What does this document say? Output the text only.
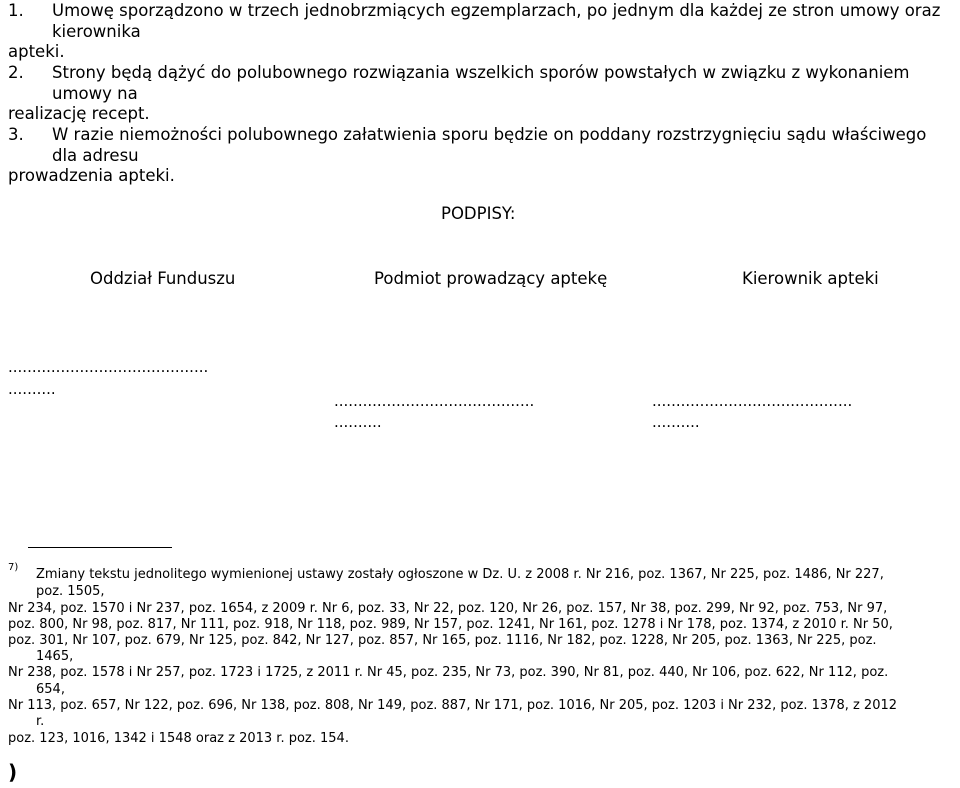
1. Umowę sporządzono w trzech jednobrzmiących egzemplarzach, po jednym dla każdej ze stron umowy oraz
kierownika
apteki.
2. Strony będą dążyć do polubownego rozwiązania wszelkich sporów powstałych w związku z wykonaniem
umowy na
realizację recept.
3. W razie niemożności polubownego załatwienia sporu będzie on poddany rozstrzygnięciu sądu właściwego
dla adresu
prowadzenia apteki.
PODPISY:
Oddział Funduszu	Podmiot prowadzący aptekę	Kierownik apteki
..........................................
..........
..........................................
..........
..........................................
..........
7) Zmiany tekstu jednolitego wymienionej ustawy zostały ogłoszone w Dz. U. z 2008 r. Nr 216, poz. 1367, Nr 225, poz. 1486, Nr 227,
poz. 1505,
Nr 234, poz. 1570 i Nr 237, poz. 1654, z 2009 r. Nr 6, poz. 33, Nr 22, poz. 120, Nr 26, poz. 157, Nr 38, poz. 299, Nr 92, poz. 753, Nr 97,
poz. 800, Nr 98, poz. 817, Nr 111, poz. 918, Nr 118, poz. 989, Nr 157, poz. 1241, Nr 161, poz. 1278 i Nr 178, poz. 1374, z 2010 r. Nr 50,
poz. 301, Nr 107, poz. 679, Nr 125, poz. 842, Nr 127, poz. 857, Nr 165, poz. 1116, Nr 182, poz. 1228, Nr 205, poz. 1363, Nr 225, poz.
1465,
Nr 238, poz. 1578 i Nr 257, poz. 1723 i 1725, z 2011 r. Nr 45, poz. 235, Nr 73, poz. 390, Nr 81, poz. 440, Nr 106, poz. 622, Nr 112, poz.
654,
Nr 113, poz. 657, Nr 122, poz. 696, Nr 138, poz. 808, Nr 149, poz. 887, Nr 171, poz. 1016, Nr 205, poz. 1203 i Nr 232, poz. 1378, z 2012
r.
poz. 123, 1016, 1342 i 1548 oraz z 2013 r. poz. 154.
)
